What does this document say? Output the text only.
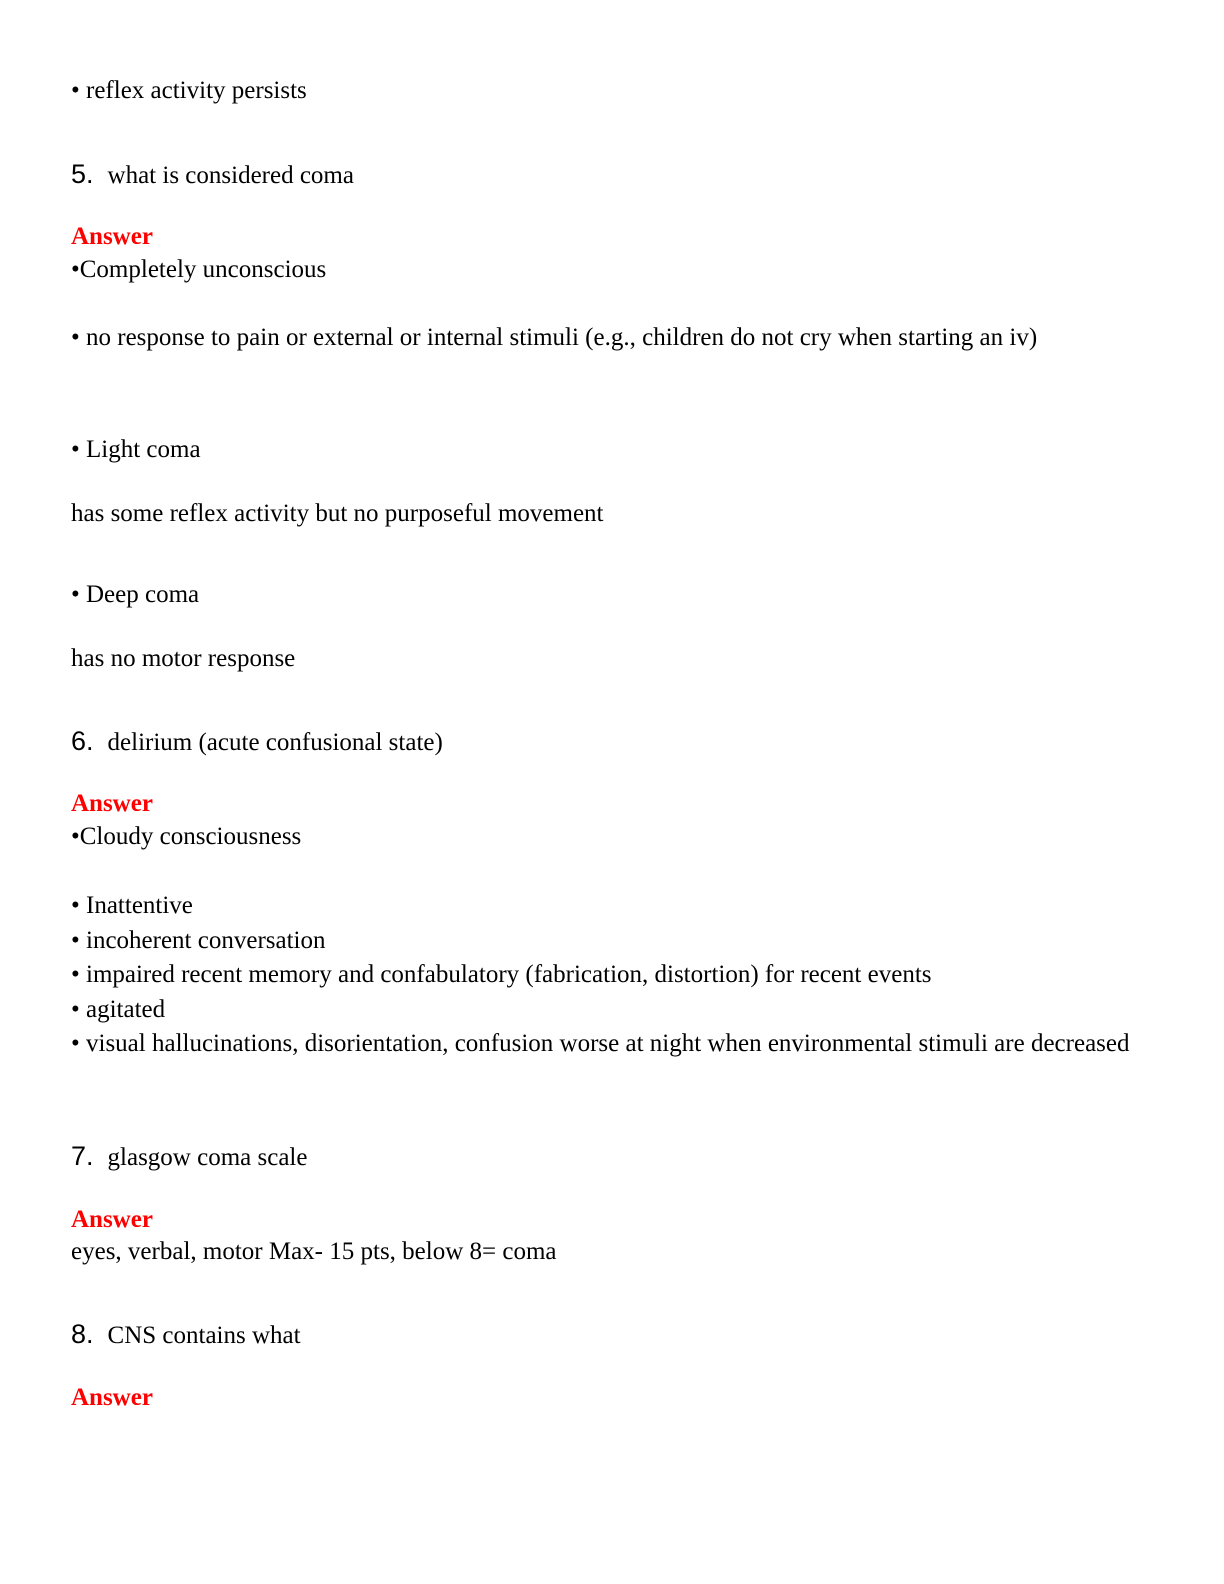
• reflex activity persists
5. what is considered coma
Answer
•Completely unconscious
• no response to pain or external or internal stimuli (e.g., children do not cry when starting an iv)
• Light coma
has some reflex activity but no purposeful movement
• Deep coma
has no motor response
6. delirium (acute confusional state)
Answer
•Cloudy consciousness
• Inattentive
• incoherent conversation
• impaired recent memory and confabulatory (fabrication, distortion) for recent events
• agitated
• visual hallucinations, disorientation, confusion worse at night when environmental stimuli are decreased
7. glasgow coma scale
Answer
eyes, verbal, motor Max- 15 pts, below 8= coma
8. CNS contains what
Answer
